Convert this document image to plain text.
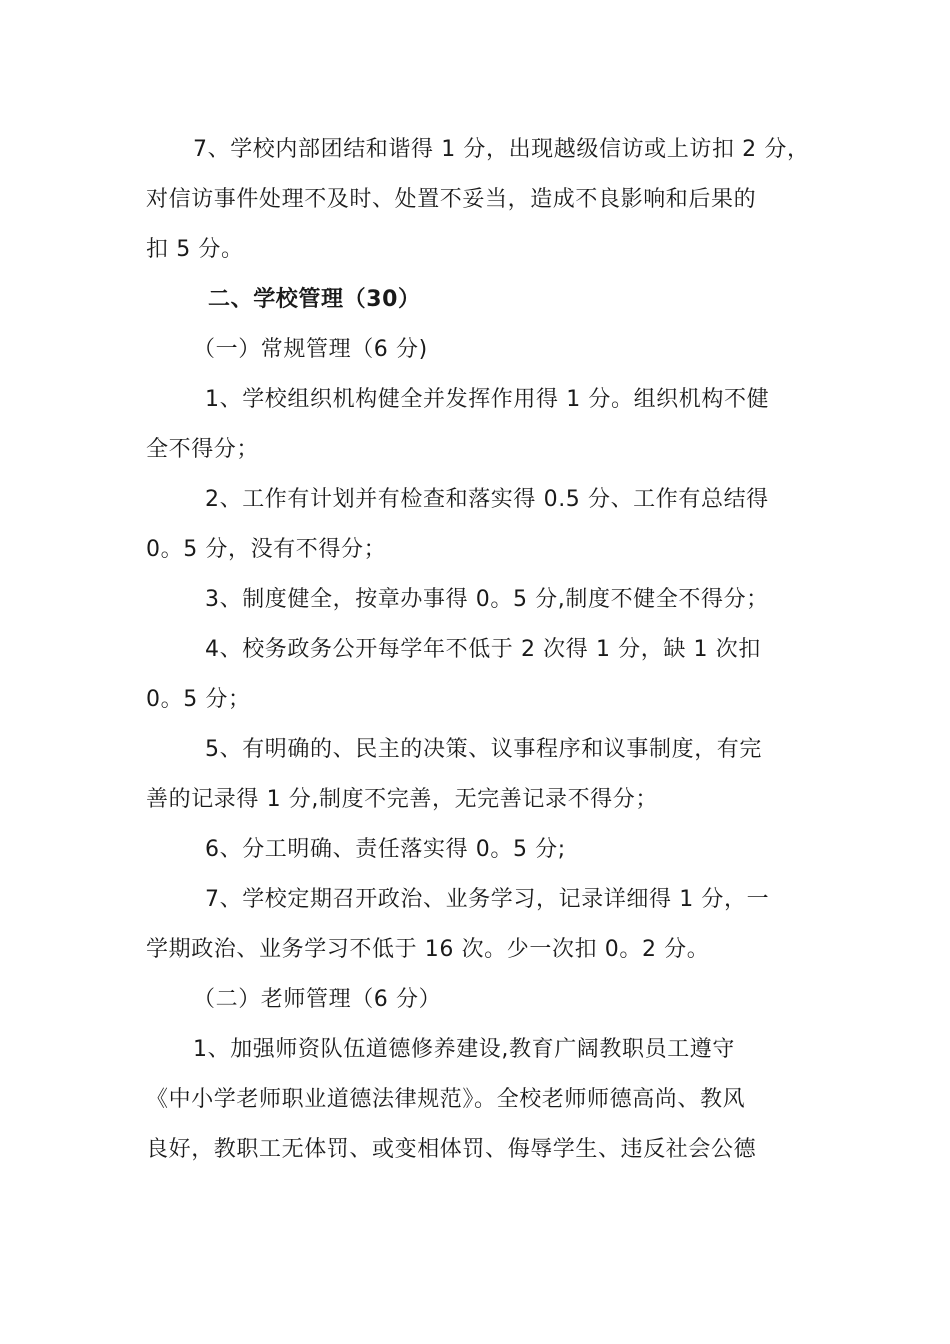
7、学校内部团结和谐得 1 分，出现越级信访或上访扣 2 分，
对信访事件处理不及时、处置不妥当，造成不良影响和后果的
扣 5 分。
二、学校管理（30）
（一）常规管理（6 分)
1、学校组织机构健全并发挥作用得 1 分。组织机构不健
全不得分；
2、工作有计划并有检查和落实得 0.5 分、工作有总结得
0。5 分，没有不得分；
3、制度健全，按章办事得 0。5 分,制度不健全不得分；
4、校务政务公开每学年不低于 2 次得 1 分，缺 1 次扣
0。5 分；
5、有明确的、民主的决策、议事程序和议事制度，有完
善的记录得 1 分,制度不完善，无完善记录不得分；
6、分工明确、责任落实得 0。5 分;
7、学校定期召开政治、业务学习，记录详细得 1 分，一
学期政治、业务学习不低于 16 次。少一次扣 0。2 分。
（二）老师管理（6 分）
1、加强师资队伍道德修养建设,教育广阔教职员工遵守
《中小学老师职业道德法律规范》。全校老师师德高尚、教风
良好，教职工无体罚、或变相体罚、侮辱学生、违反社会公德
